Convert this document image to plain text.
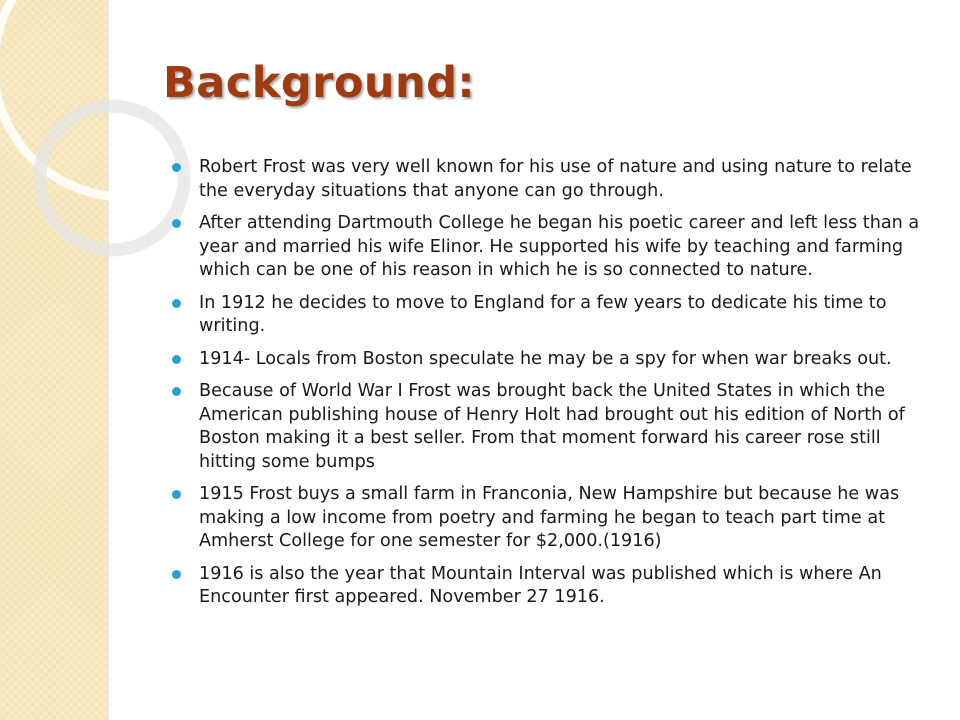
Background:
Robert Frost was very well known for his use of nature and using nature to relate the everyday situations that anyone can go through.
After attending Dartmouth College he began his poetic career and left less than a year and married his wife Elinor. He supported his wife by teaching and farming which can be one of his reason in which he is so connected to nature.
In 1912 he decides to move to England for a few years to dedicate his time to writing.
1914- Locals from Boston speculate he may be a spy for when war breaks out.
Because of World War I Frost was brought back the United States in which the American publishing house of Henry Holt had brought out his edition of North of Boston making it a best seller. From that moment forward his career rose still hitting some bumps
1915 Frost buys a small farm in Franconia, New Hampshire but because he was making a low income from poetry and farming he began to teach part time at Amherst College for one semester for $2,000.(1916)
1916 is also the year that Mountain Interval was published which is where An Encounter first appeared. November 27 1916.
